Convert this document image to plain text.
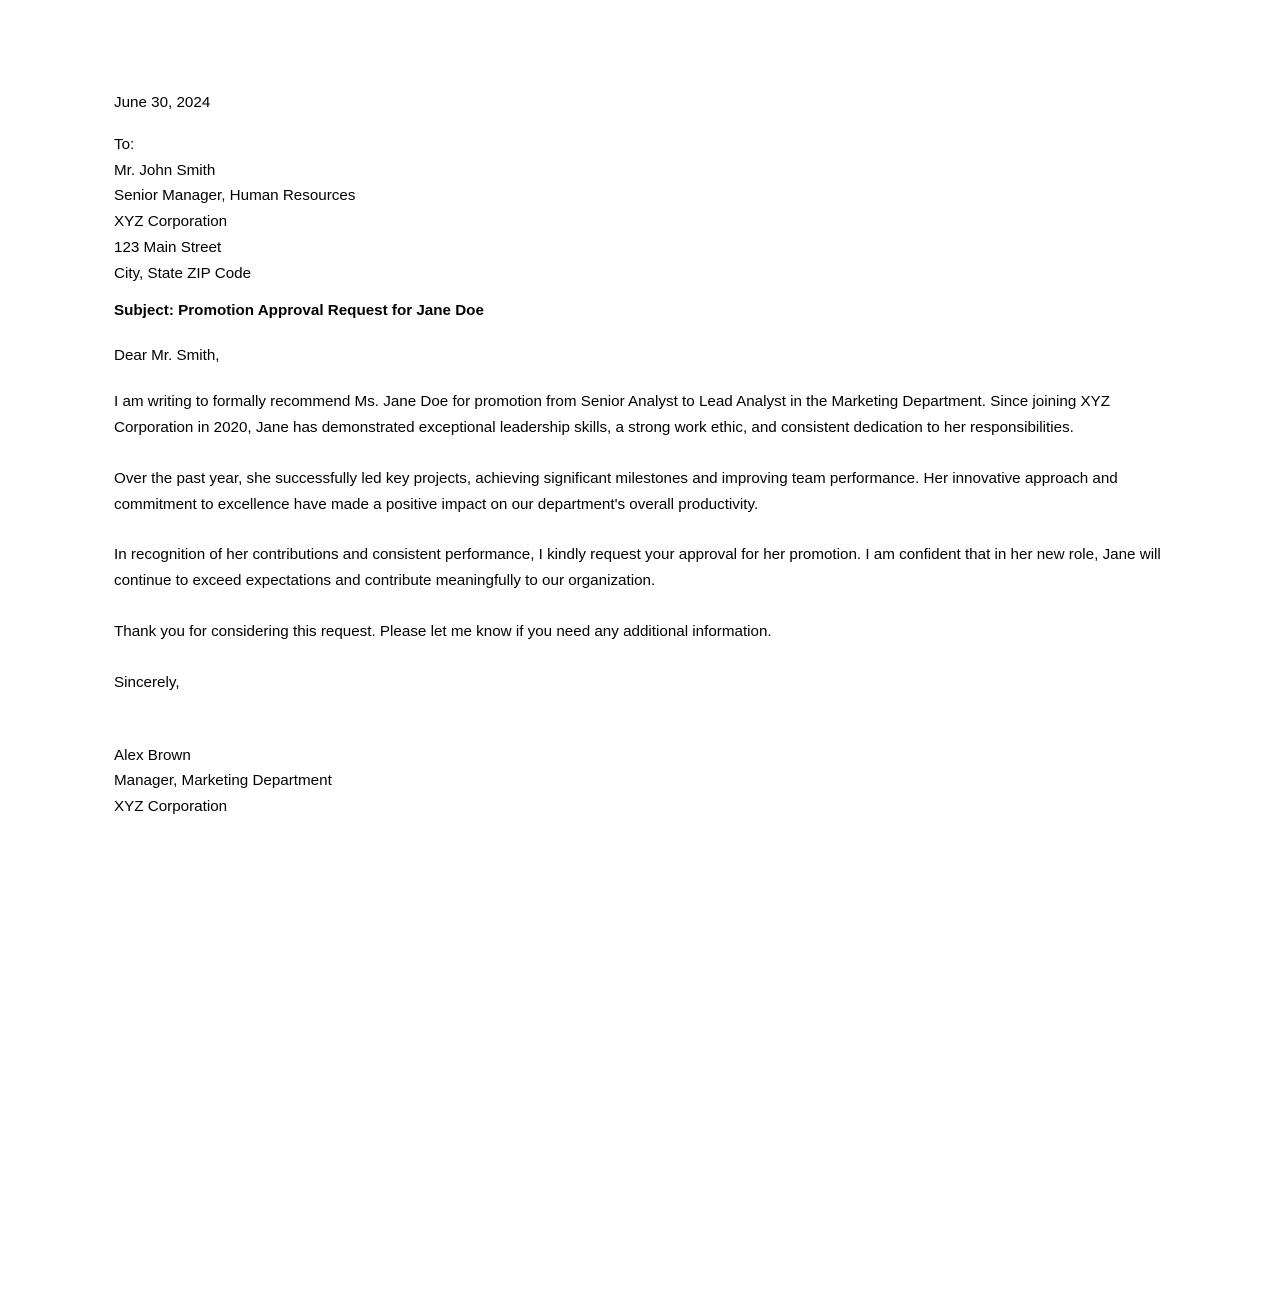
June 30, 2024
To:
Mr. John Smith
Senior Manager, Human Resources
XYZ Corporation
123 Main Street
City, State ZIP Code
Subject: Promotion Approval Request for Jane Doe
Dear Mr. Smith,

I am writing to formally recommend Ms. Jane Doe for promotion from Senior Analyst to Lead Analyst in the Marketing Department. Since joining XYZ Corporation in 2020, Jane has demonstrated exceptional leadership skills, a strong work ethic, and consistent dedication to her responsibilities.

Over the past year, she successfully led key projects, achieving significant milestones and improving team performance. Her innovative approach and commitment to excellence have made a positive impact on our department's overall productivity.

In recognition of her contributions and consistent performance, I kindly request your approval for her promotion. I am confident that in her new role, Jane will continue to exceed expectations and contribute meaningfully to our organization.

Thank you for considering this request. Please let me know if you need any additional information.

Sincerely,
Alex Brown
Manager, Marketing Department
XYZ Corporation
